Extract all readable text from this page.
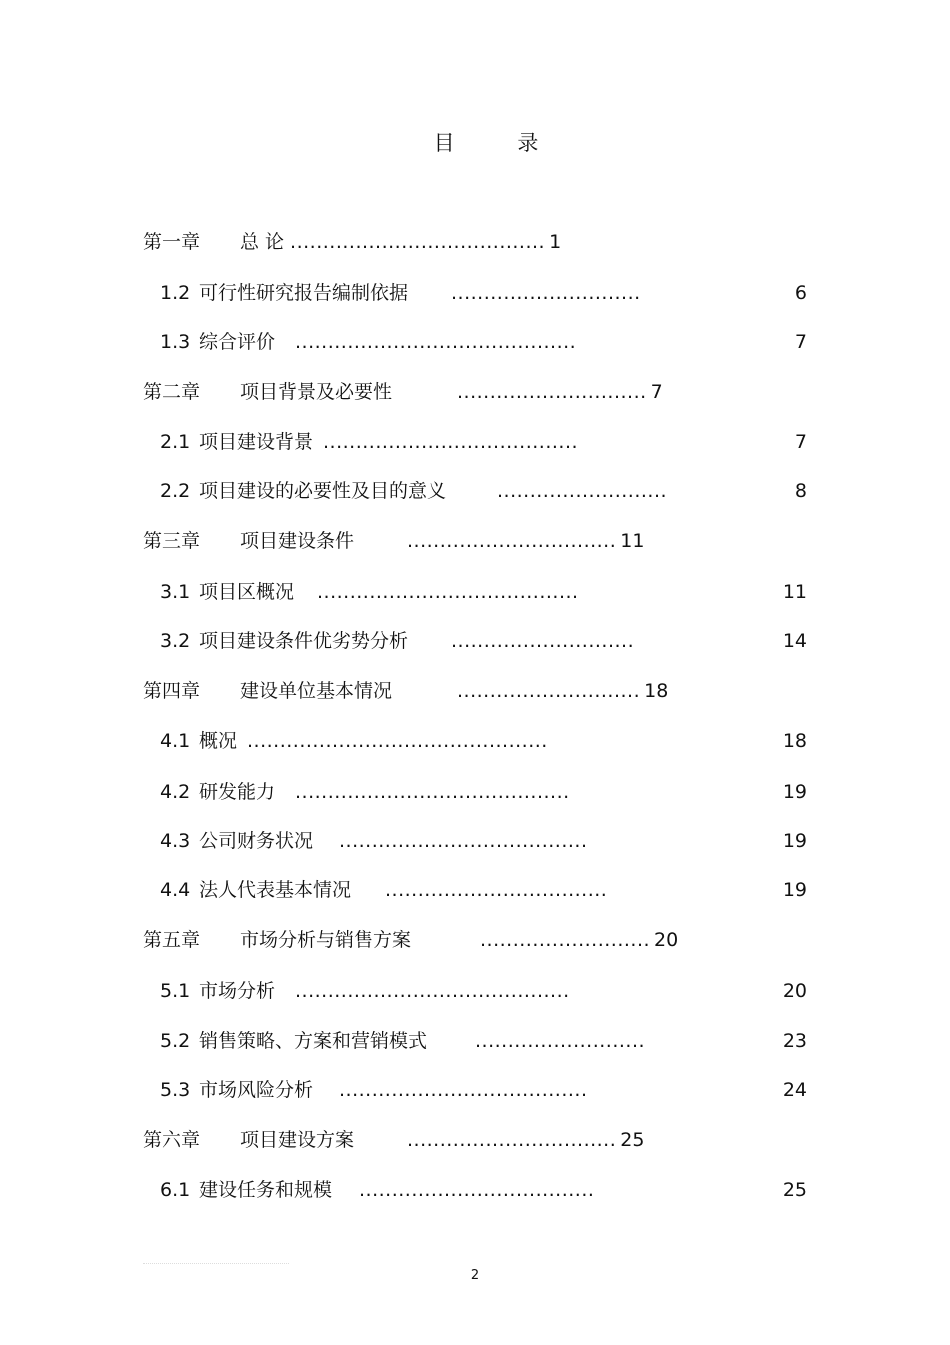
目 录
第一章 总 论 ....................................... 1
1.2 可行性研究报告编制依据 .............................	6
1.3 综合评价 ...........................................	7
第二章 项目背景及必要性	............................. 7
2.1 项目建设背景 .......................................	7
2.2 项目建设的必要性及目的意义	..........................	8
第三章 项目建设条件	................................ 11
3.1 项目区概况 ........................................	11
3.2 项目建设条件优劣势分析 ............................	14
第四章 建设单位基本情况	............................ 18
4.1 概况 ..............................................	18
4.2 研发能力 ..........................................	19
4.3 公司财务状况 ......................................	19
4.4 法人代表基本情况 ..................................	19
第五章 市场分析与销售方案	.......................... 20
5.1 市场分析 ..........................................	20
5.2 销售策略、方案和营销模式	..........................	23
5.3 市场风险分析 ......................................	24
第六章 项目建设方案	................................ 25
6.1 建设任务和规模 ....................................	25
2
